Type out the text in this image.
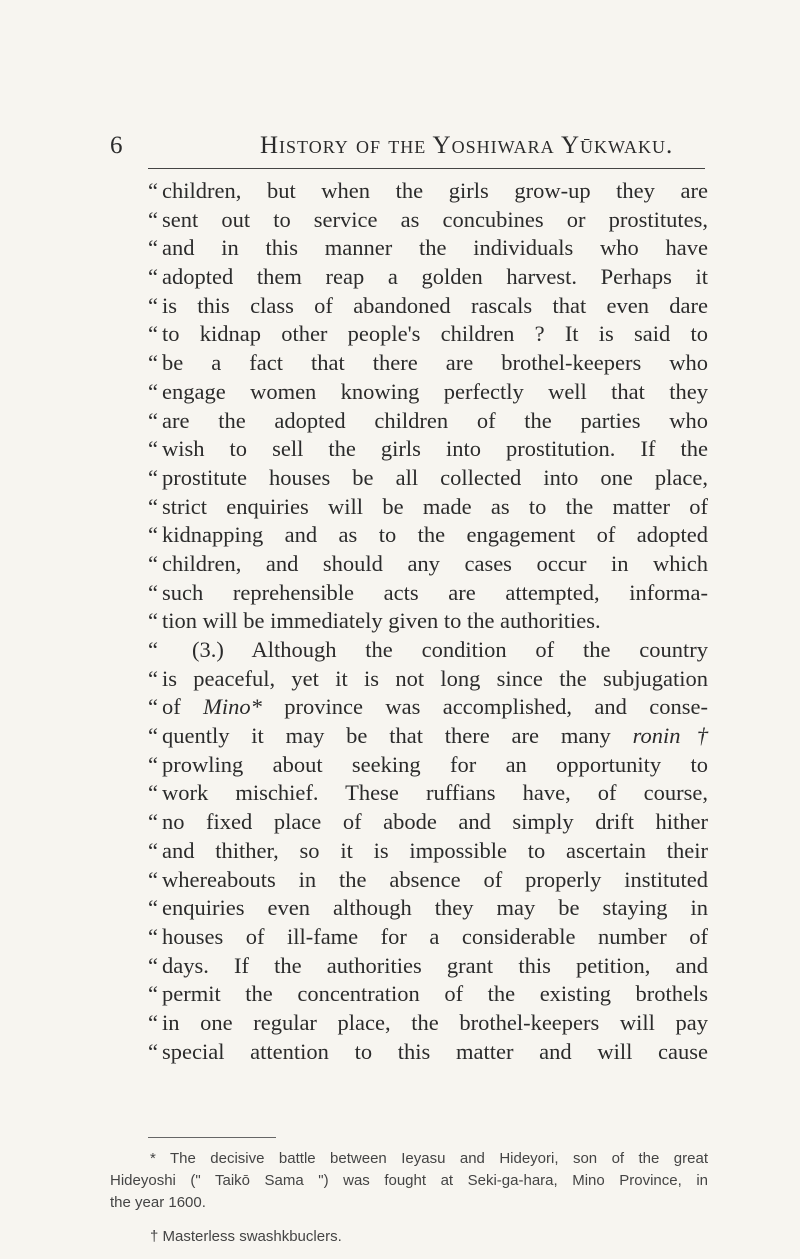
6	History of the Yoshiwara Yūkwaku.
“ children, but when the girls grow-up they are
“ sent out to service as concubines or prostitutes,
“ and in this manner the individuals who have
“ adopted them reap a golden harvest. Perhaps it
“ is this class of abandoned rascals that even dare
“ to kidnap other people's children ? It is said to
“ be a fact that there are brothel-keepers who
“ engage women knowing perfectly well that they
“ are the adopted children of the parties who
“ wish to sell the girls into prostitution. If the
“ prostitute houses be all collected into one place,
“ strict enquiries will be made as to the matter of
“ kidnapping and as to the engagement of adopted
“ children, and should any cases occur in which
“ such reprehensible acts are attempted, informa-
“ tion will be immediately given to the authorities.
“ (3.) Although the condition of the country
“ is peaceful, yet it is not long since the subjugation
“ of Mino* province was accomplished, and conse-
“ quently it may be that there are many ronin†
“ prowling about seeking for an opportunity to
“ work mischief. These ruffians have, of course,
“ no fixed place of abode and simply drift hither
“ and thither, so it is impossible to ascertain their
“ whereabouts in the absence of properly instituted
“ enquiries even although they may be staying in
“ houses of ill-fame for a considerable number of
“ days. If the authorities grant this petition, and
“ permit the concentration of the existing brothels
“ in one regular place, the brothel-keepers will pay
“ special attention to this matter and will cause
* The decisive battle between Ieyasu and Hideyori, son of the great
Hideyoshi (" Taikō Sama ") was fought at Seki-ga-hara, Mino Province, in
the year 1600.
† Masterless swashkbuclers.
